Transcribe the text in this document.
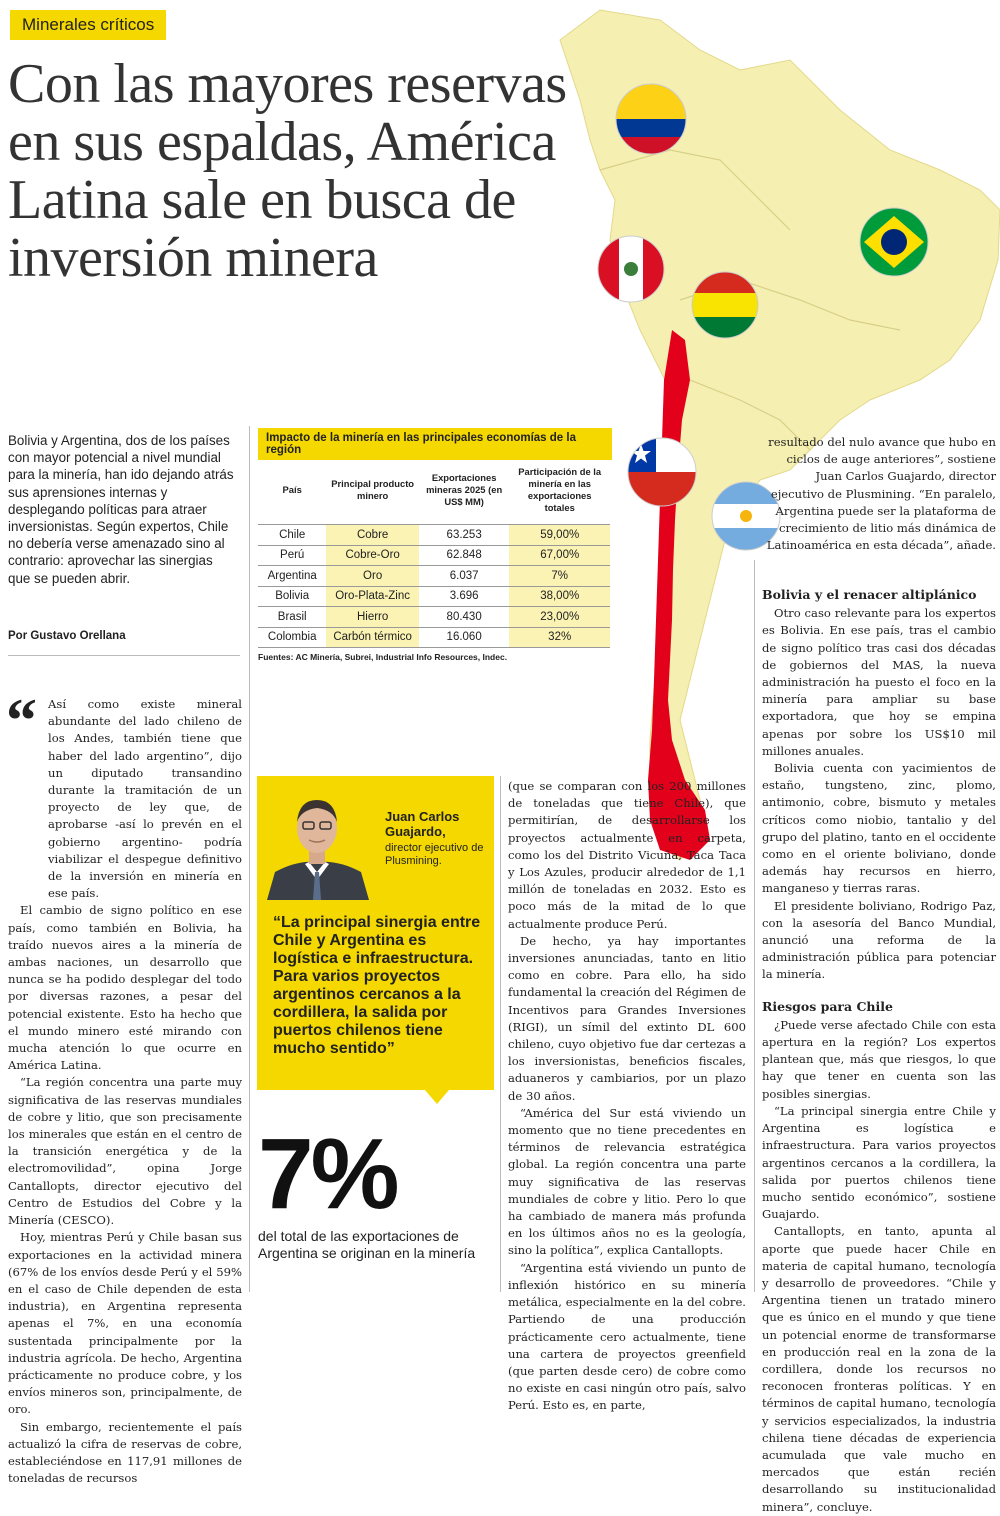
Minerales críticos
Con las mayores reservas en sus espaldas, América Latina sale en busca de inversión minera
Bolivia y Argentina, dos de los países con mayor potencial a nivel mundial para la minería, han ido dejando atrás sus aprensiones internas y desplegando políticas para atraer inversionistas. Según expertos, Chile no debería verse amenazado sino al contrario: aprovechar las sinergias que se pueden abrir.
Por Gustavo Orellana
Impacto de la minería en las principales economías de la región
País	Principal producto minero	Exportaciones mineras 2025 (en US$ MM)	Participación de la minería en las exportaciones totales
Chile	Cobre	63.253	59,00%
Perú	Cobre-Oro	62.848	67,00%
Argentina	Oro	6.037	7%
Bolivia	Oro-Plata-Zinc	3.696	38,00%
Brasil	Hierro	80.430	23,00%
Colombia	Carbón térmico	16.060	32%
Fuentes: AC Minería, Subrei, Industrial Info Resources, Indec.
“ Así como existe mineral abundante del lado chileno de los Andes, también tiene que haber del lado argentino”, dijo un diputado transandino durante la tramitación de un proyecto de ley que, de aprobarse -así lo prevén en el gobierno argentino- podría viabilizar el despegue definitivo de la inversión en minería en ese país.

El cambio de signo político en ese país, como también en Bolivia, ha traído nuevos aires a la minería de ambas naciones, un desarrollo que nunca se ha podido desplegar del todo por diversas razones, a pesar del potencial existente. Esto ha hecho que el mundo minero esté mirando con mucha atención lo que ocurre en América Latina.

“La región concentra una parte muy significativa de las reservas mundiales de cobre y litio, que son precisamente los minerales que están en el centro de la transición energética y de la electromovilidad”, opina Jorge Cantallopts, director ejecutivo del Centro de Estudios del Cobre y la Minería (CESCO).

Hoy, mientras Perú y Chile basan sus exportaciones en la actividad minera (67% de los envíos desde Perú y el 59% en el caso de Chile dependen de esta industria), en Argentina representa apenas el 7%, en una economía sustentada principalmente por la industria agrícola. De hecho, Argentina prácticamente no produce cobre, y los envíos mineros son, principalmente, de oro.

Sin embargo, recientemente el país actualizó la cifra de reservas de cobre, estableciéndose en 117,91 millones de toneladas de recursos

Juan Carlos Guajardo,
director ejecutivo de Plusmining.
“La principal sinergia entre Chile y Argentina es logística e infraestructura. Para varios proyectos argentinos cercanos a la cordillera, la salida por puertos chilenos tiene mucho sentido”
7%
del total de las exportaciones de Argentina se originan en la minería

(que se comparan con los 200 millones de toneladas que tiene Chile), que permitirían, de desarrollarse los proyectos actualmente en carpeta, como los del Distrito Vicuña, Taca Taca y Los Azules, producir alrededor de 1,1 millón de toneladas en 2032. Esto es poco más de la mitad de lo que actualmente produce Perú.

De hecho, ya hay importantes inversiones anunciadas, tanto en litio como en cobre. Para ello, ha sido fundamental la creación del Régimen de Incentivos para Grandes Inversiones (RIGI), un símil del extinto DL 600 chileno, cuyo objetivo fue dar certezas a los inversionistas, beneficios fiscales, aduaneros y cambiarios, por un plazo de 30 años.

“América del Sur está viviendo un momento que no tiene precedentes en términos de relevancia estratégica global. La región concentra una parte muy significativa de las reservas mundiales de cobre y litio. Pero lo que ha cambiado de manera más profunda en los últimos años no es la geología, sino la política”, explica Cantallopts.

“Argentina está viviendo un punto de inflexión histórico en su minería metálica, especialmente en la del cobre. Partiendo de una producción prácticamente cero actualmente, tiene una cartera de proyectos greenfield (que parten desde cero) de cobre como no existe en casi ningún otro país, salvo Perú. Esto es, en parte,

resultado del nulo avance que hubo en ciclos de auge anteriores”, sostiene Juan Carlos Guajardo, director ejecutivo de Plusmining. “En paralelo, Argentina puede ser la plataforma de crecimiento de litio más dinámica de Latinoamérica en esta década”, añade.
Bolivia y el renacer altiplánico

Otro caso relevante para los expertos es Bolivia. En ese país, tras el cambio de signo político tras casi dos décadas de gobiernos del MAS, la nueva administración ha puesto el foco en la minería para ampliar su base exportadora, que hoy se empina apenas por sobre los US$10 mil millones anuales.

Bolivia cuenta con yacimientos de estaño, tungsteno, zinc, plomo, antimonio, cobre, bismuto y metales críticos como niobio, tantalio y del grupo del platino, tanto en el occidente como en el oriente boliviano, donde además hay recursos en hierro, manganeso y tierras raras.

El presidente boliviano, Rodrigo Paz, con la asesoría del Banco Mundial, anunció una reforma de la administración pública para potenciar la minería.

Riesgos para Chile

¿Puede verse afectado Chile con esta apertura en la región? Los expertos plantean que, más que riesgos, lo que hay que tener en cuenta son las posibles sinergias.

“La principal sinergia entre Chile y Argentina es logística e infraestructura. Para varios proyectos argentinos cercanos a la cordillera, la salida por puertos chilenos tiene mucho sentido económico”, sostiene Guajardo.

Cantallopts, en tanto, apunta al aporte que puede hacer Chile en materia de capital humano, tecnología y desarrollo de proveedores. “Chile y Argentina tienen un tratado minero que es único en el mundo y que tiene un potencial enorme de transformarse en producción real en la zona de la cordillera, donde los recursos no reconocen fronteras políticas. Y en términos de capital humano, tecnología y servicios especializados, la industria chilena tiene décadas de experiencia acumulada que vale mucho en mercados que están recién desarrollando su institucionalidad minera”, concluye.
